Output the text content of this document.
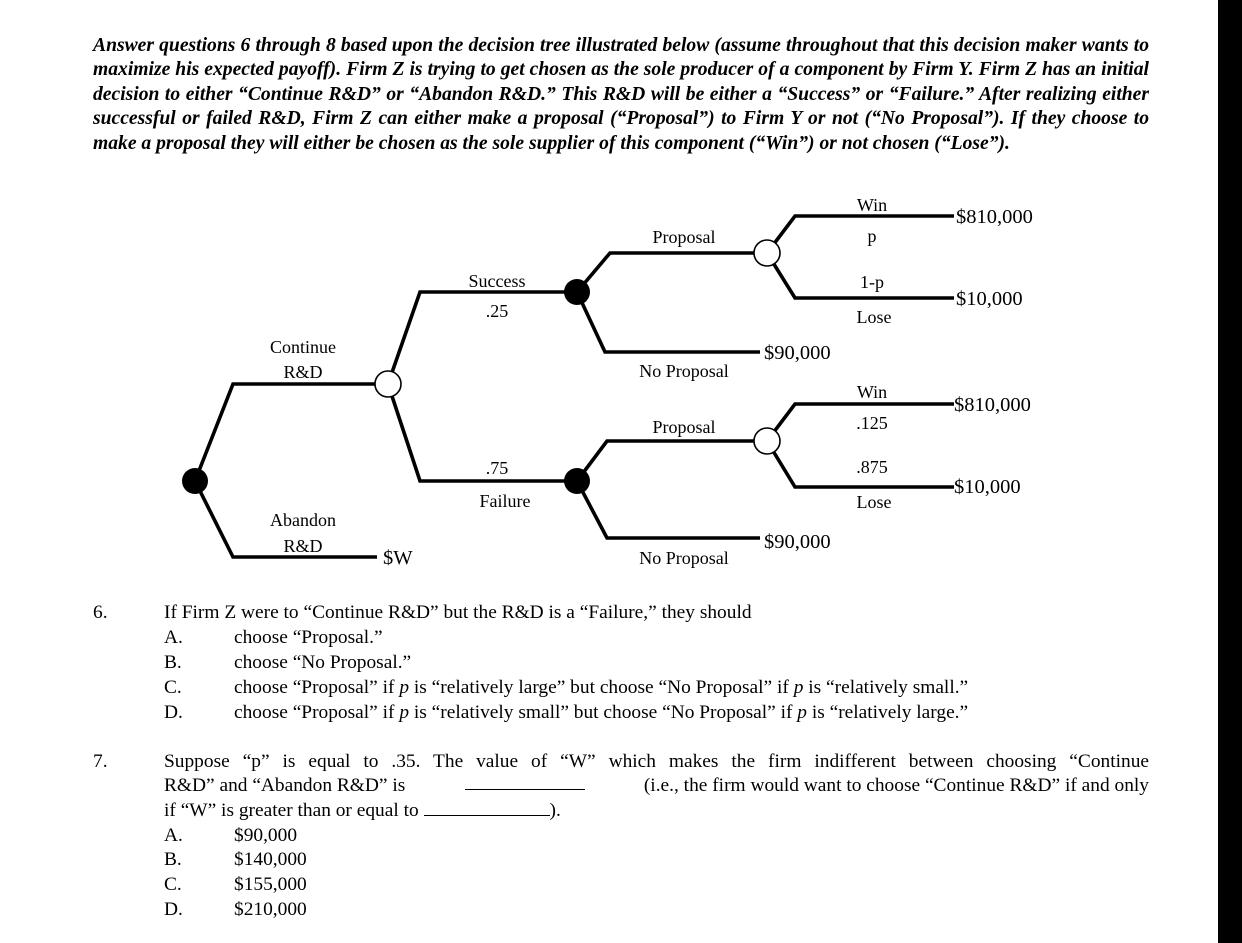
Answer questions 6 through 8 based upon the decision tree illustrated below (assume throughout that this decision maker wants to maximize his expected payoff). Firm Z is trying to get chosen as the sole producer of a component by Firm Y. Firm Z has an initial decision to either “Continue R&D” or “Abandon R&D.” This R&D will be either a “Success” or “Failure.” After realizing either successful or failed R&D, Firm Z can either make a proposal (“Proposal”) to Firm Y or not (“No Proposal”). If they choose to make a proposal they will either be chosen as the sole supplier of this component (“Win”) or not chosen (“Lose”).

Continue
R&D
Abandon
R&D
$W
Success
.25
.75
Failure
Proposal
No Proposal
$90,000
Proposal
No Proposal
$90,000
Win
p
1-p
Lose
$810,000
$10,000
Win
.125
.875
Lose
$810,000
$10,000
6.	If Firm Z were to “Continue R&D” but the R&D is a “Failure,” they should
A.	choose “Proposal.”
B.	choose “No Proposal.”
C.	choose “Proposal” if p is “relatively large” but choose “No Proposal” if p is “relatively small.”
D.	choose “Proposal” if p is “relatively small” but choose “No Proposal” if p is “relatively large.”
7.	Suppose “p” is equal to .35. The value of “W” which makes the firm indifferent between choosing “Continue
R&D” and “Abandon R&D” is	(i.e., the firm would want to choose “Continue R&D” if and only
if “W” is greater than or equal to	).
A.	$90,000
B.	$140,000
C.	$155,000
D.	$210,000
